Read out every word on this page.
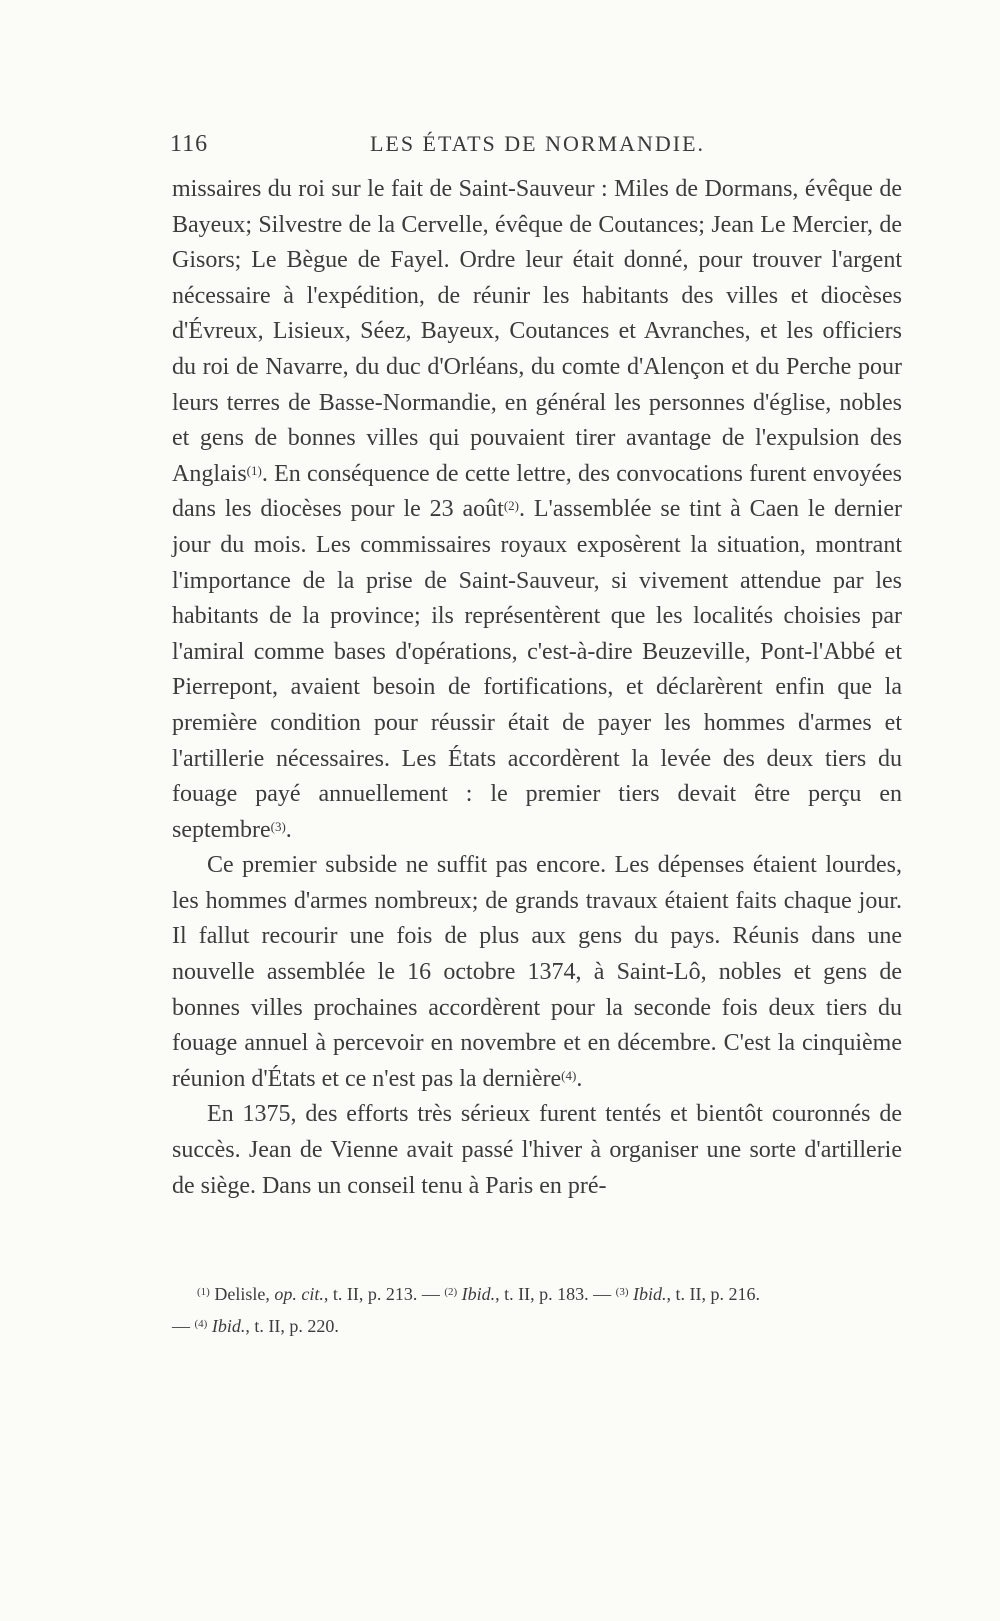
116	LES ÉTATS DE NORMANDIE.

missaires du roi sur le fait de Saint-Sauveur : Miles de Dormans, évêque de Bayeux; Silvestre de la Cervelle, évêque de Coutances; Jean Le Mercier, de Gisors; Le Bègue de Fayel. Ordre leur était donné, pour trouver l'argent nécessaire à l'expédition, de réunir les habitants des villes et diocèses d'Évreux, Lisieux, Séez, Bayeux, Coutances et Avranches, et les officiers du roi de Navarre, du duc d'Orléans, du comte d'Alençon et du Perche pour leurs terres de Basse-Normandie, en général les personnes d'église, nobles et gens de bonnes villes qui pouvaient tirer avantage de l'expulsion des Anglais$^{(1)}$. En conséquence de cette lettre, des convocations furent envoyées dans les diocèses pour le 23 août$^{(2)}$. L'assemblée se tint à Caen le dernier jour du mois. Les commissaires royaux exposèrent la situation, montrant l'importance de la prise de Saint-Sauveur, si vivement attendue par les habitants de la province; ils représentèrent que les localités choisies par l'amiral comme bases d'opérations, c'est-à-dire Beuzeville, Pont-l'Abbé et Pierrepont, avaient besoin de fortifications, et déclarèrent enfin que la première condition pour réussir était de payer les hommes d'armes et l'artillerie nécessaires. Les États accordèrent la levée des deux tiers du fouage payé annuellement : le premier tiers devait être perçu en septembre$^{(3)}$.

Ce premier subside ne suffit pas encore. Les dépenses étaient lourdes, les hommes d'armes nombreux; de grands travaux étaient faits chaque jour. Il fallut recourir une fois de plus aux gens du pays. Réunis dans une nouvelle assemblée le 16 octobre 1374, à Saint-Lô, nobles et gens de bonnes villes prochaines accordèrent pour la seconde fois deux tiers du fouage annuel à percevoir en novembre et en décembre. C'est la cinquième réunion d'États et ce n'est pas la dernière$^{(4)}$.

En 1375, des efforts très sérieux furent tentés et bientôt couronnés de succès. Jean de Vienne avait passé l'hiver à organiser une sorte d'artillerie de siège. Dans un conseil tenu à Paris en pré-

$^{(1)}$ Delisle, op. cit., t. II, p. 213. — $^{(2)}$ Ibid., t. II, p. 183. — $^{(3)}$ Ibid., t. II, p. 216.

— $^{(4)}$ Ibid., t. II, p. 220.
